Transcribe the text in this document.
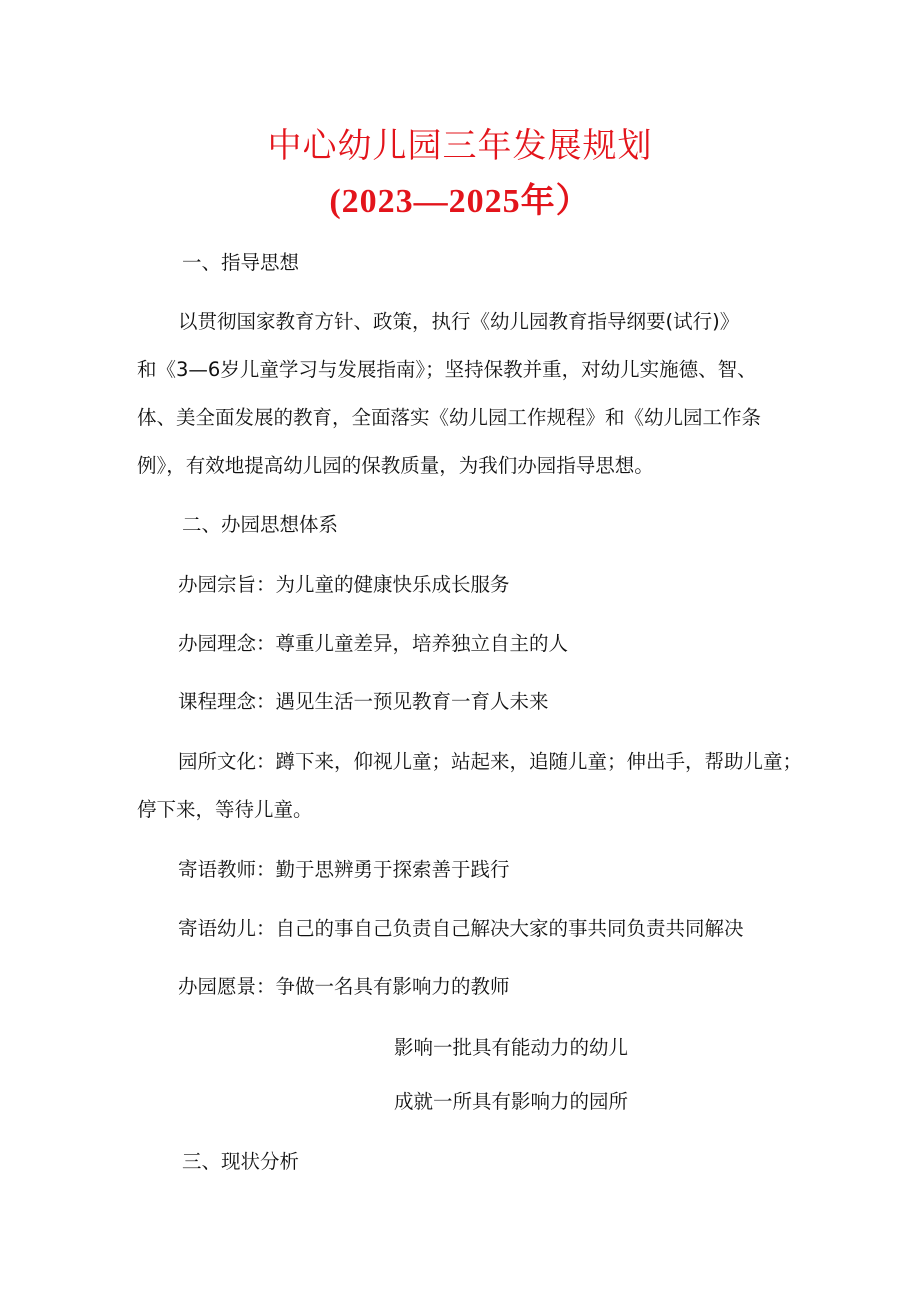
中心幼儿园三年发展规划
(2023—2025年）
一、指导思想
以贯彻国家教育方针、政策，执行《幼儿园教育指导纲要(试行)》
和《3—6岁儿童学习与发展指南》；坚持保教并重，对幼儿实施德、智、
体、美全面发展的教育，全面落实《幼儿园工作规程》和《幼儿园工作条
例》，有效地提高幼儿园的保教质量，为我们办园指导思想。
二、办园思想体系
办园宗旨：为儿童的健康快乐成长服务
办园理念：尊重儿童差异，培养独立自主的人
课程理念：遇见生活一预见教育一育人未来
园所文化：蹲下来，仰视儿童；站起来，追随儿童；伸出手，帮助儿童；
停下来，等待儿童。
寄语教师：勤于思辨勇于探索善于践行
寄语幼儿：自己的事自己负责自己解决大家的事共同负责共同解决
办园愿景：争做一名具有影响力的教师
影响一批具有能动力的幼儿
成就一所具有影响力的园所
三、现状分析
